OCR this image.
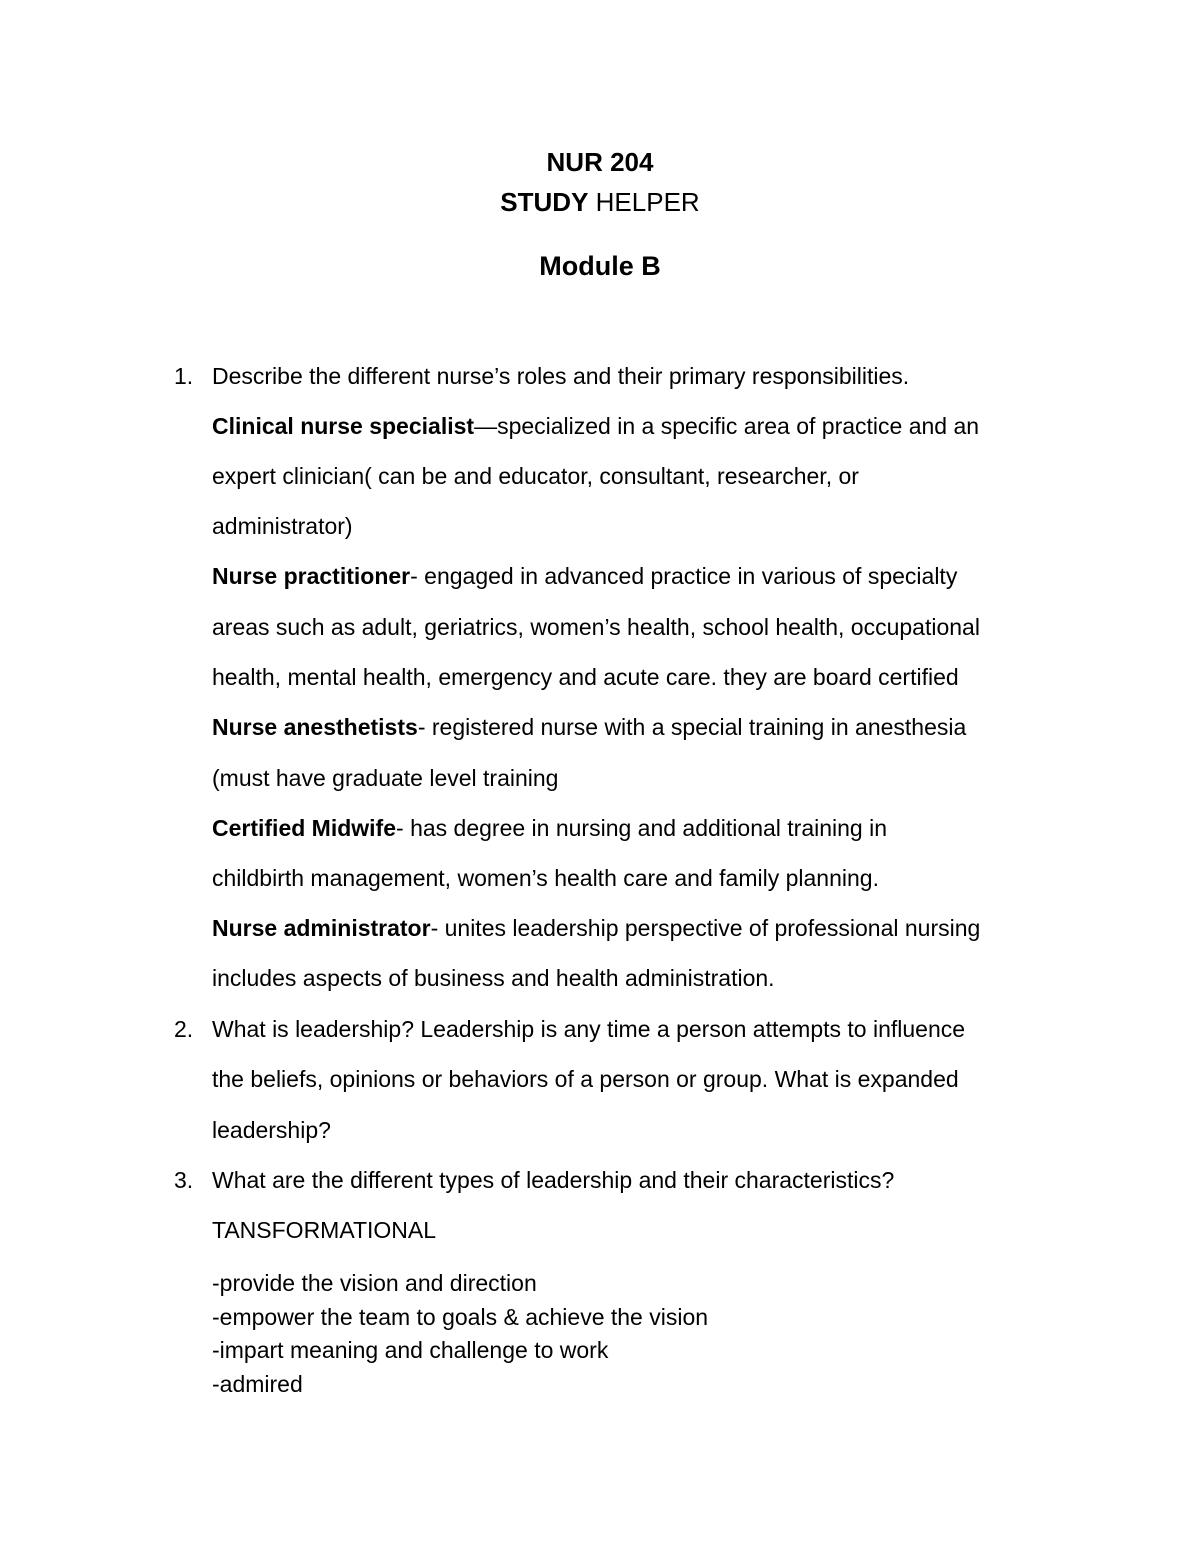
NUR 204
STUDY HELPER
Module B
1. Describe the different nurse’s roles and their primary responsibilities.
Clinical nurse specialist—specialized in a specific area of practice and an
expert clinician( can be and educator, consultant, researcher, or
administrator)
Nurse practitioner- engaged in advanced practice in various of specialty
areas such as adult, geriatrics, women’s health, school health, occupational
health, mental health, emergency and acute care. they are board certified
Nurse anesthetists- registered nurse with a special training in anesthesia
(must have graduate level training
Certified Midwife- has degree in nursing and additional training in
childbirth management, women’s health care and family planning.
Nurse administrator- unites leadership perspective of professional nursing
includes aspects of business and health administration.
2. What is leadership? Leadership is any time a person attempts to influence
the beliefs, opinions or behaviors of a person or group. What is expanded
leadership?
3. What are the different types of leadership and their characteristics?
TANSFORMATIONAL
-provide the vision and direction
-empower the team to goals & achieve the vision
-impart meaning and challenge to work
-admired
